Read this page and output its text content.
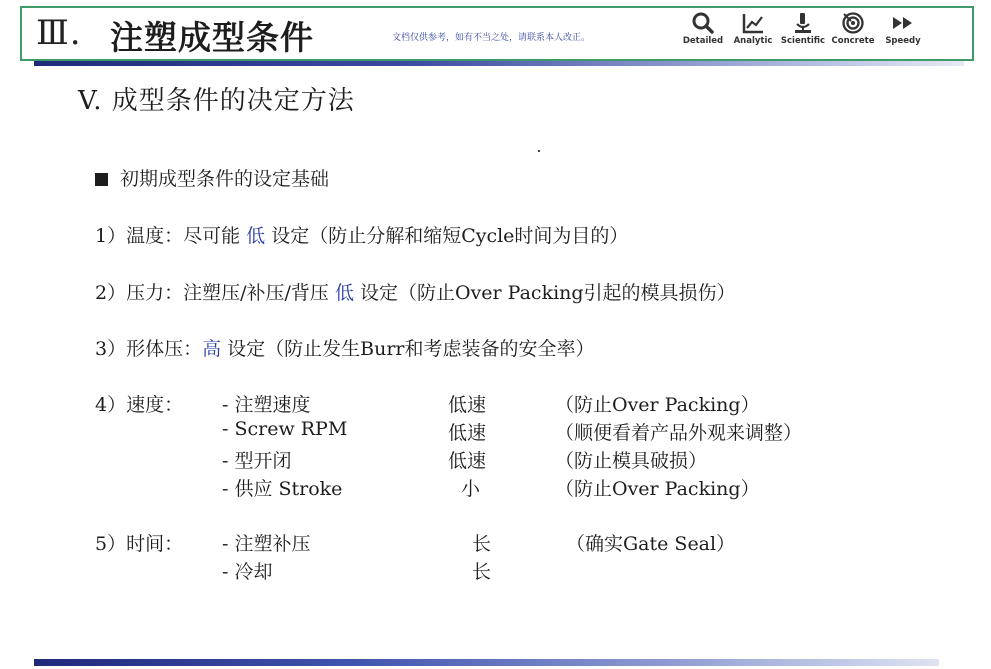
Ⅲ. 注塑成型条件	文档仅供参考，如有不当之处，请联系本人改正。	Detailed	Analytic Scientific Concrete	Speedy
V. 成型条件的决定方法
初期成型条件的设定基础
1）温度：尽可能 低 设定（防止分解和缩短Cycle时间为目的）
2）压力：注塑压/补压/背压 低 设定（防止Over Packing引起的模具损伤）
3）形体压：高 设定（防止发生Burr和考虑装备的安全率）
4）速度： - 注塑速度	低速	（防止Over Packing）
- Screw RPM	低速	（顺便看着产品外观来调整）
- 型开闭	低速	（防止模具破损）
- 供应 Stroke	小	（防止Over Packing）
5）时间： - 注塑补压	长	（确实Gate Seal）
- 冷却	长
